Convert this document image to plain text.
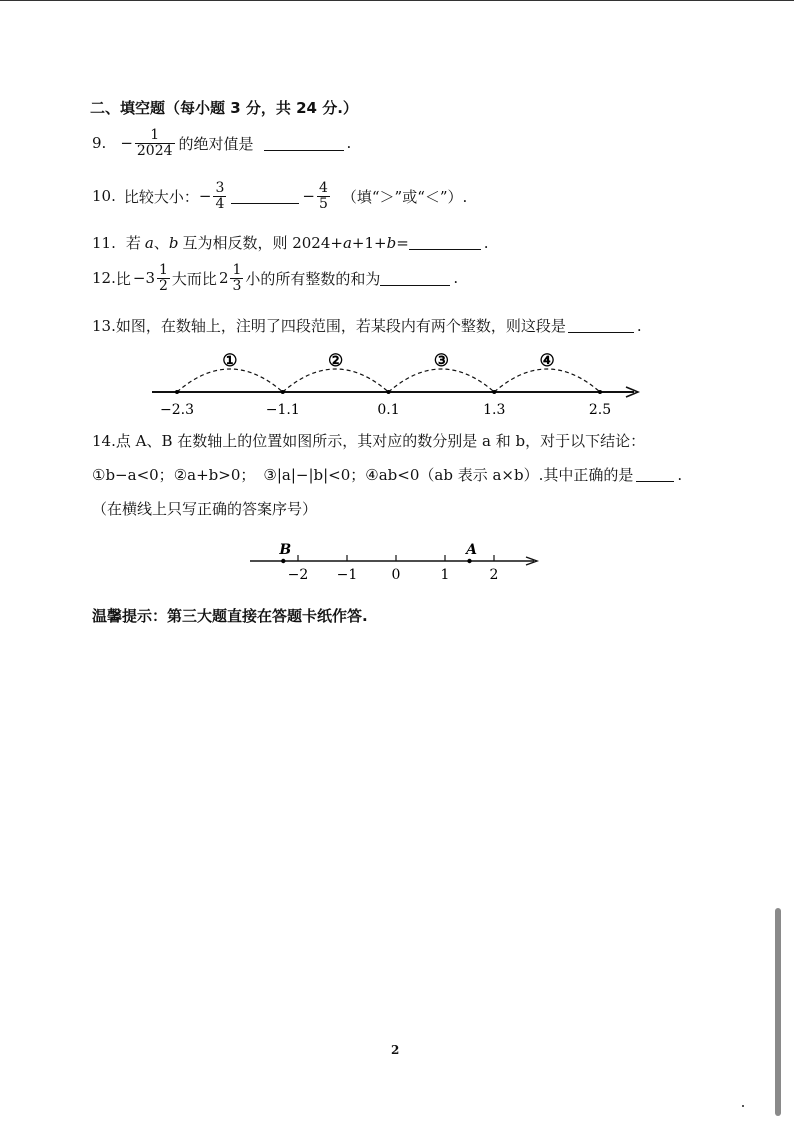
二、填空题（每小题 3 分，共 24 分.）
9. − $\frac{1}{2024}$ 的绝对值是	.
10. 比较大小： − $\frac{3}{4}$	− $\frac{4}{5}$ （填“＞”或“＜”）.
11. 若 a 、 b 互为相反数，则 2024+ a +1+ b =	.
12. 比 $-3 \frac{1}{2}$ 大而比 $2 \frac{1}{3}$ 小的所有整数的和为	.
13. 如图，在数轴上，注明了四段范围，若某段内有两个整数，则这段是	.
①	②	③	④
−2.3	−1.1	0.1	1.3	2.5
14.点 A、B 在数轴上的位置如图所示，其对应的数分别是 a 和 b，对于以下结论：
① b−a<0； ② a+b>0； ③ |a|−|b|<0； ④ ab<0（ab 表示 a×b） .其中正确的是	.
（在横线上只写正确的答案序号）
−2 −1 0	1	2
B	A
温馨提示：第三大题直接在答题卡纸作答.
2
